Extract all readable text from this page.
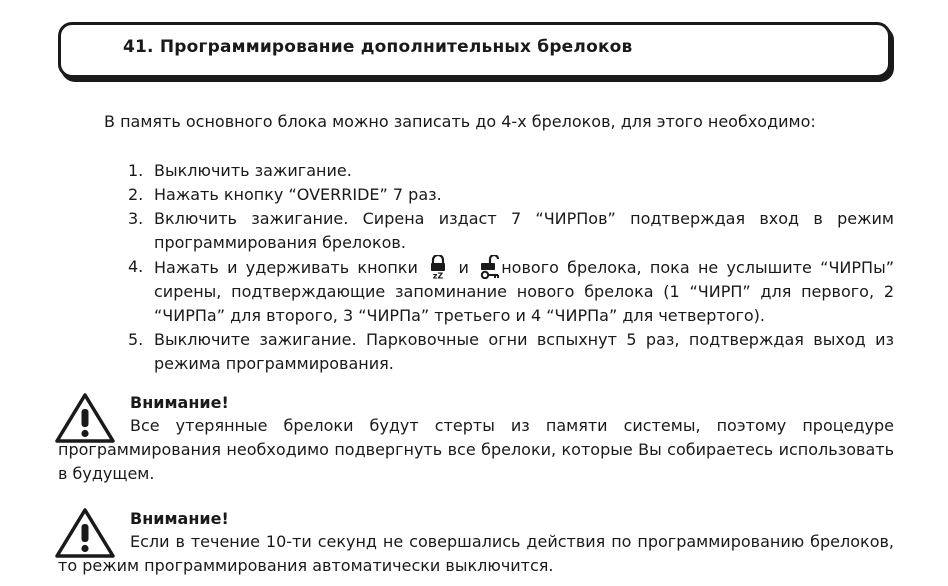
41. Программирование дополнительных брелоков
В память основного блока можно записать до 4-х брелоков, для этого необходимо:
1. Выключить зажигание.
2. Нажать кнопку “OVERRIDE” 7 раз.
3. Включить зажигание. Сирена издаст 7 “ЧИРПов” подтверждая вход в режим программирования брелоков.
4. Нажать и удерживать кнопки zZ и нового брелока, пока не услышите “ЧИРПы” сирены, подтверждающие запоминание нового брелока (1 “ЧИРП” для первого, 2 “ЧИРПа” для второго, 3 “ЧИРПа” третьего и 4 “ЧИРПа” для четвертого).
5. Выключите зажигание. Парковочные огни вспыхнут 5 раз, подтверждая выход из режима программирования.
Внимание!
Все утерянные брелоки будут стерты из памяти системы, поэтому процедуре программирования необходимо подвергнуть все брелоки, которые Вы собираетесь использовать в будущем.
Внимание!
Если в течение 10-ти секунд не совершались действия по программированию брелоков, то режим программирования автоматически выключится.
